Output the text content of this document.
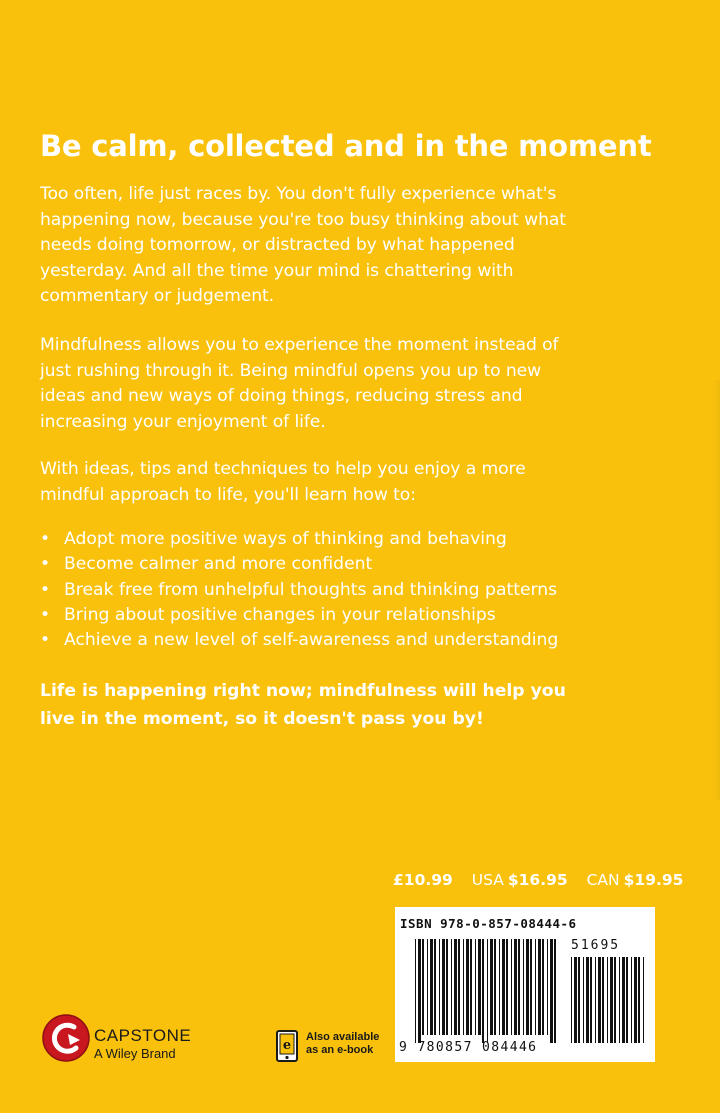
Be calm, collected and in the moment

Too often, life just races by. You don't fully experience what's happening now, because you're too busy thinking about what needs doing tomorrow, or distracted by what happened yesterday. And all the time your mind is chattering with commentary or judgement.

Mindfulness allows you to experience the moment instead of just rushing through it. Being mindful opens you up to new ideas and new ways of doing things, reducing stress and increasing your enjoyment of life.

With ideas, tips and techniques to help you enjoy a more mindful approach to life, you'll learn how to:

• Adopt more positive ways of thinking and behaving
• Become calmer and more confident
• Break free from unhelpful thoughts and thinking patterns
• Bring about positive changes in your relationships
• Achieve a new level of self-awareness and understanding

Life is happening right now; mindfulness will help you live in the moment, so it doesn't pass you by!

£10.99 USA $16.95 CAN $19.95
ISBN 978-0-857-08444-6
51695
9 780857 084446
CAPSTONE
A Wiley Brand
e
Also available
as an e-book
